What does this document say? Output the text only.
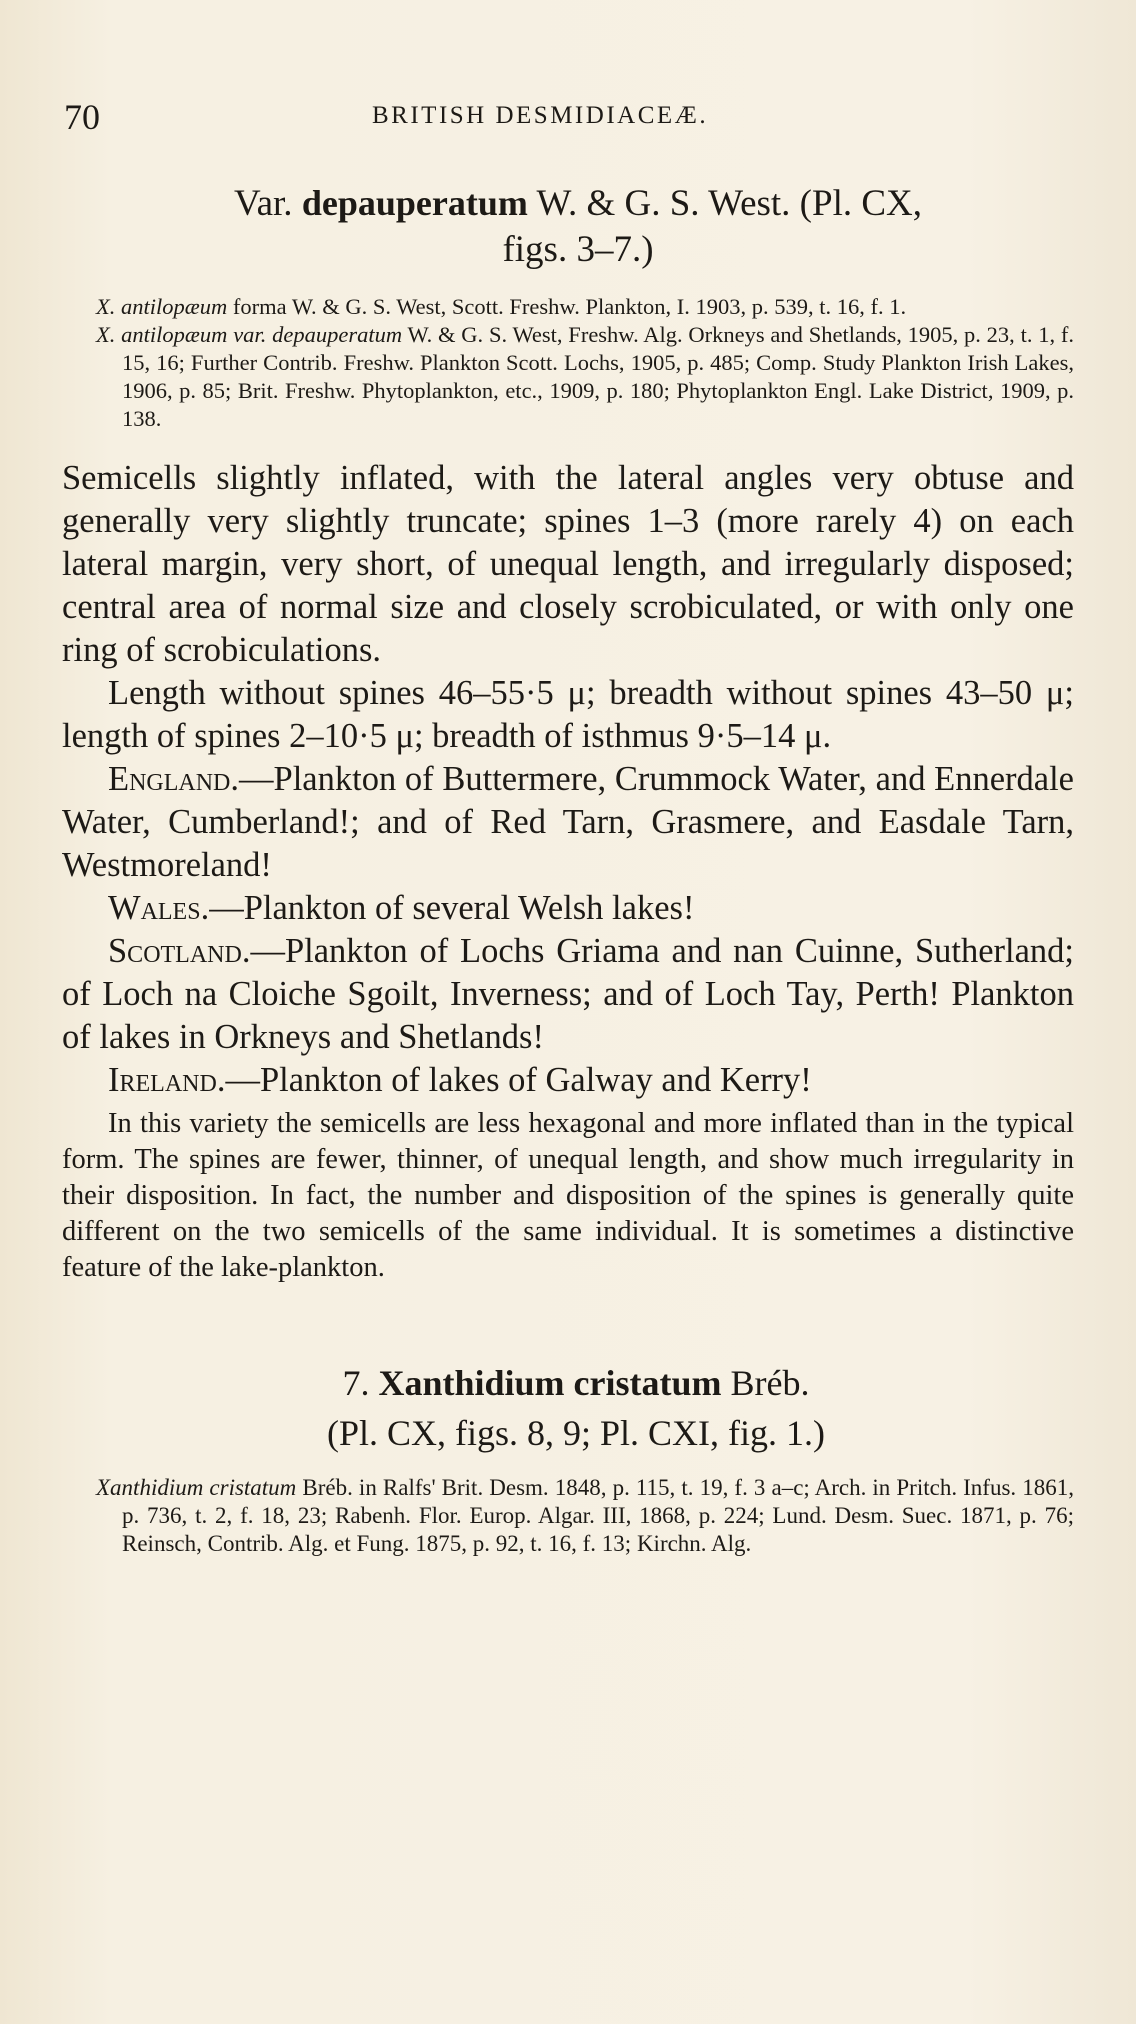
70	BRITISH DESMIDIACEÆ.
Var. depauperatum W. & G. S. West. (Pl. CX,
figs. 3–7.)
X. antilopæum forma W. & G. S. West, Scott. Freshw. Plankton, I. 1903, p. 539, t. 16, f. 1.
X. antilopæum var. depauperatum W. & G. S. West, Freshw. Alg. Orkneys and Shetlands, 1905, p. 23, t. 1, f. 15, 16; Further Contrib. Freshw. Plankton Scott. Lochs, 1905, p. 485; Comp. Study Plankton Irish Lakes, 1906, p. 85; Brit. Freshw. Phytoplankton, etc., 1909, p. 180; Phytoplankton Engl. Lake District, 1909, p. 138.

Semicells slightly inflated, with the lateral angles very obtuse and generally very slightly truncate; spines 1–3 (more rarely 4) on each lateral margin, very short, of unequal length, and irregularly disposed; central area of normal size and closely scrobiculated, or with only one ring of scrobiculations.

Length without spines 46–55·5 μ; breadth without spines 43–50 μ; length of spines 2–10·5 μ; breadth of isthmus 9·5–14 μ.

England.—Plankton of Buttermere, Crummock Water, and Ennerdale Water, Cumberland!; and of Red Tarn, Grasmere, and Easdale Tarn, Westmoreland!

Wales.—Plankton of several Welsh lakes!

Scotland.—Plankton of Lochs Griama and nan Cuinne, Sutherland; of Loch na Cloiche Sgoilt, Inverness; and of Loch Tay, Perth! Plankton of lakes in Orkneys and Shetlands!

Ireland.—Plankton of lakes of Galway and Kerry!

In this variety the semicells are less hexagonal and more inflated than in the typical form. The spines are fewer, thinner, of unequal length, and show much irregularity in their disposition. In fact, the number and disposition of the spines is generally quite different on the two semicells of the same individual. It is sometimes a distinctive feature of the lake-plankton.

7. Xanthidium cristatum Bréb.
(Pl. CX, figs. 8, 9; Pl. CXI, fig. 1.)
Xanthidium cristatum Bréb. in Ralfs' Brit. Desm. 1848, p. 115, t. 19, f. 3 a–c; Arch. in Pritch. Infus. 1861, p. 736, t. 2, f. 18, 23; Rabenh. Flor. Europ. Algar. III, 1868, p. 224; Lund. Desm. Suec. 1871, p. 76; Reinsch, Contrib. Alg. et Fung. 1875, p. 92, t. 16, f. 13; Kirchn. Alg.
